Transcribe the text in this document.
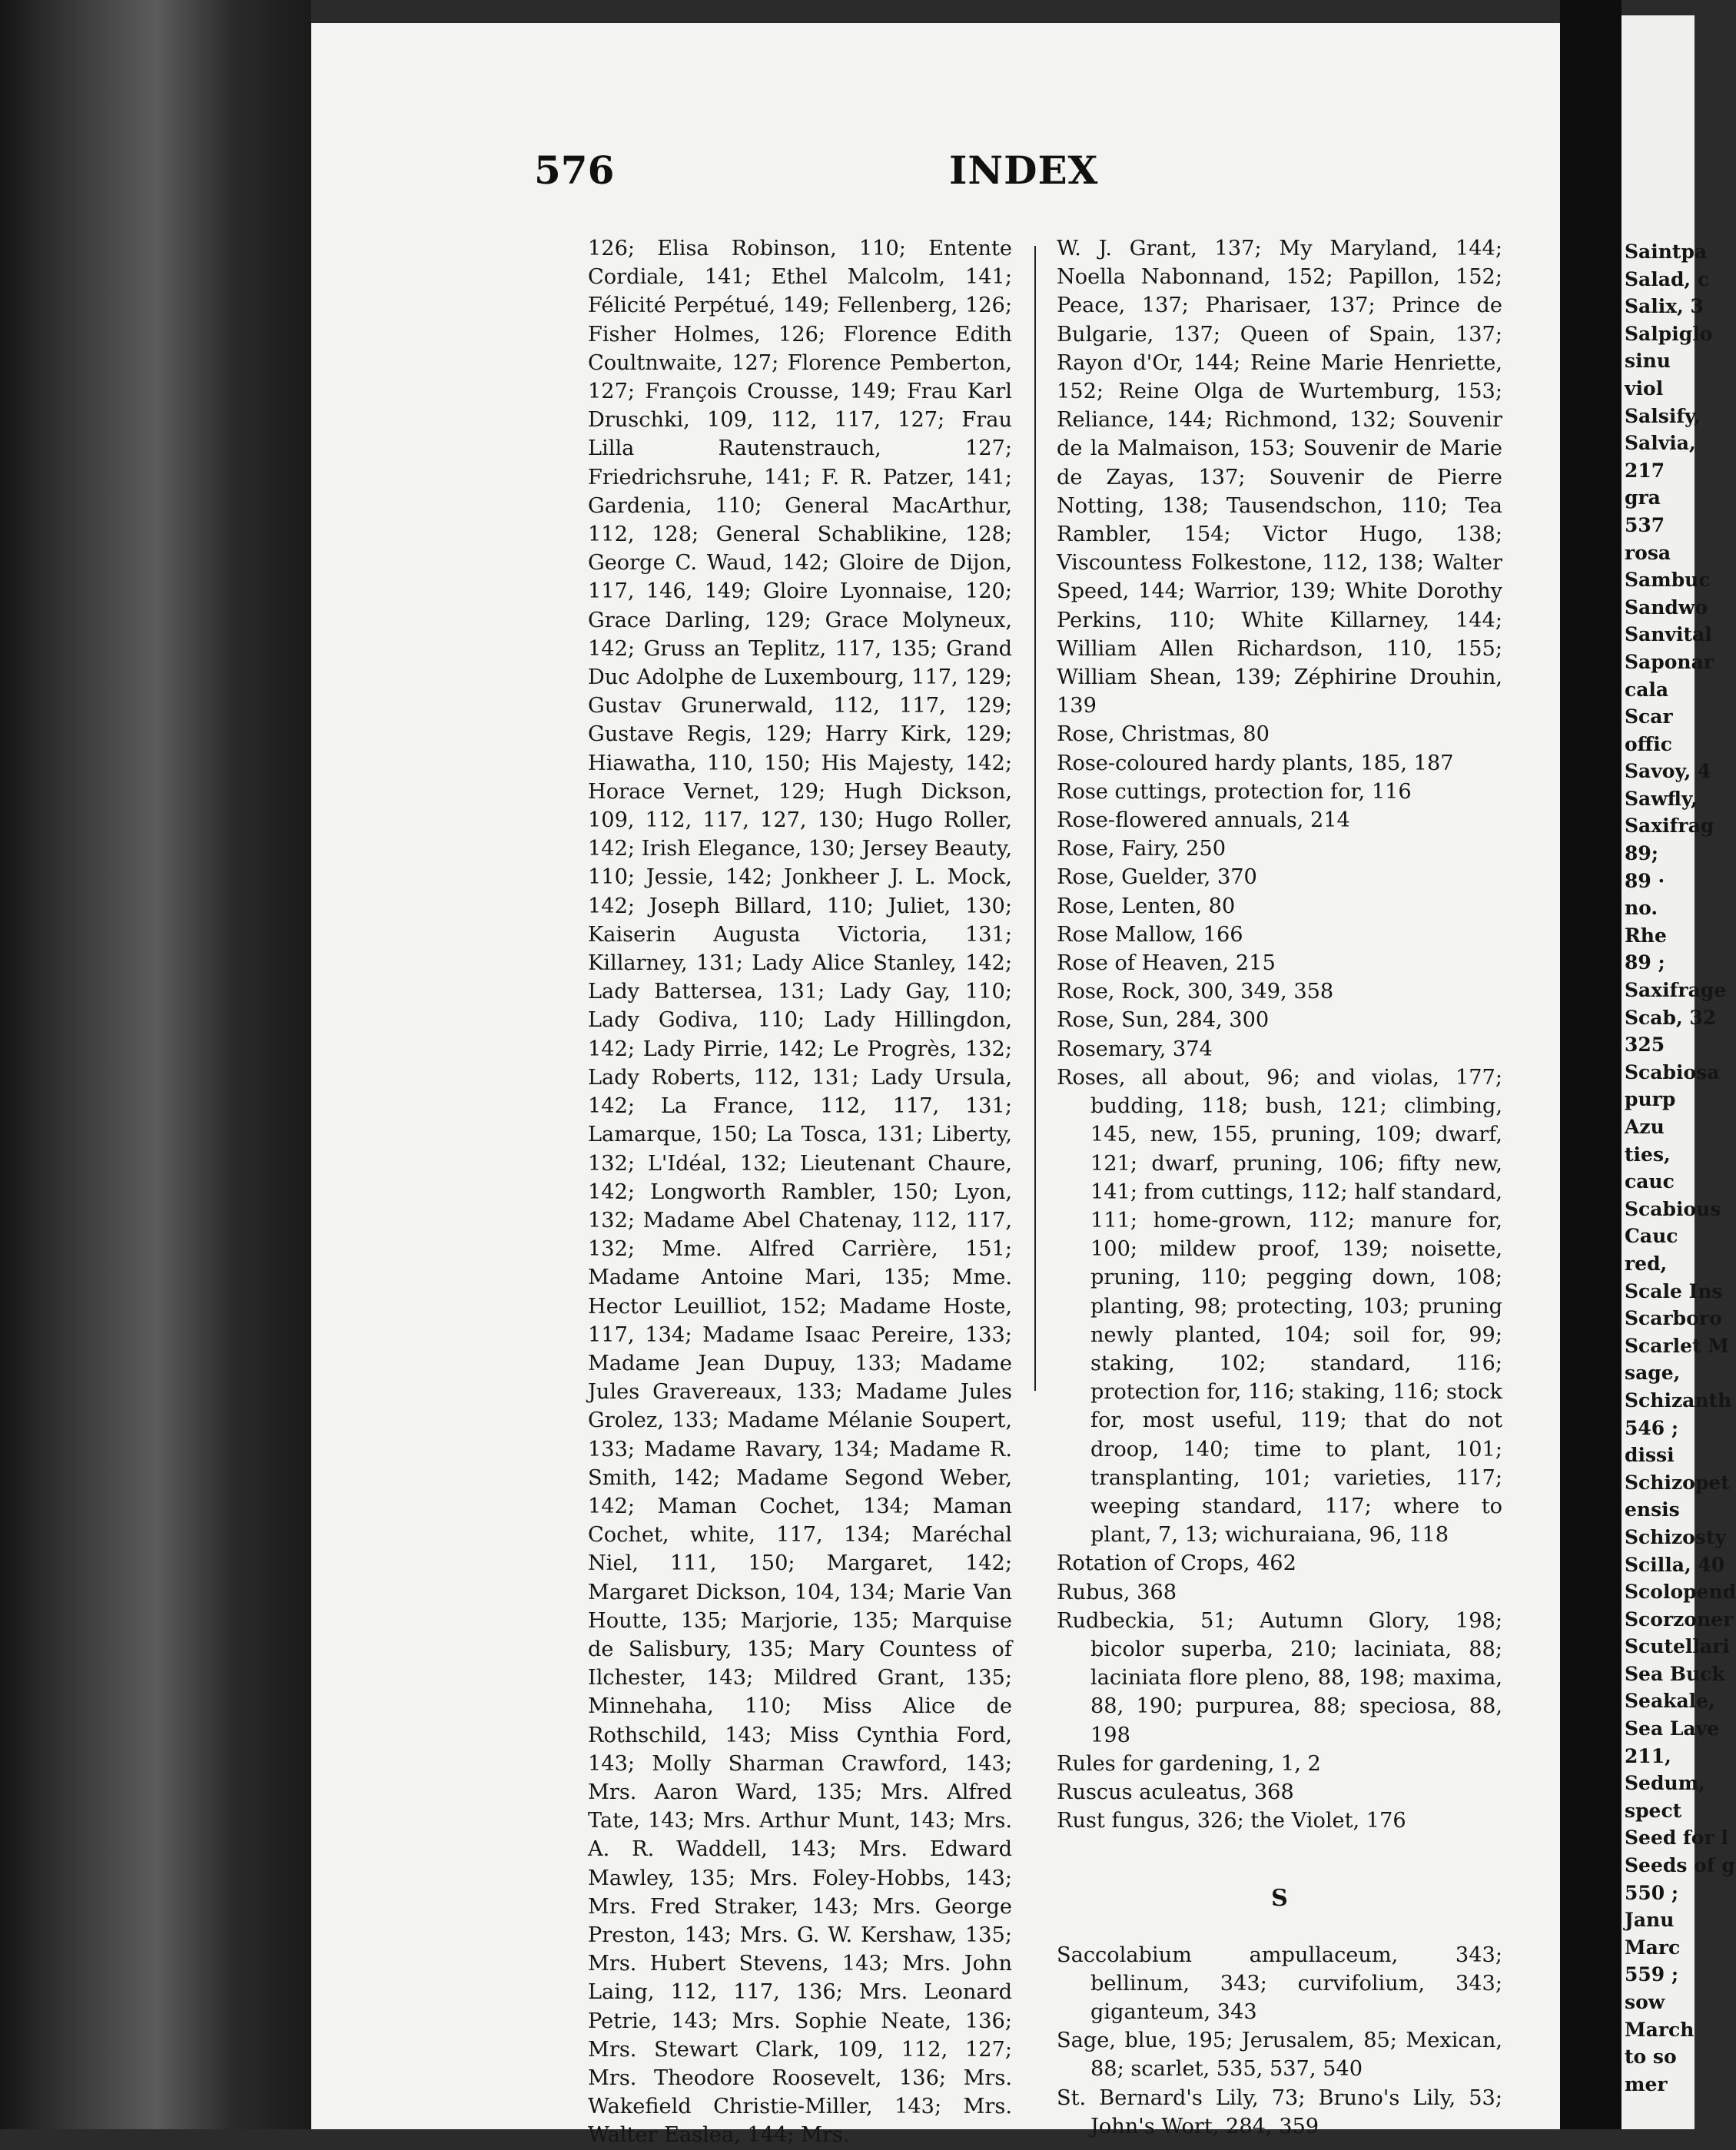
576	INDEX

126; Elisa Robinson, 110; Entente Cordiale, 141; Ethel Malcolm, 141; Félicité Perpétué, 149; Fellenberg, 126; Fisher Holmes, 126; Florence Edith Coultnwaite, 127; Florence Pemberton, 127; François Crousse, 149; Frau Karl Druschki, 109, 112, 117, 127; Frau Lilla Rautenstrauch, 127; Friedrichsruhe, 141; F. R. Patzer, 141; Gardenia, 110; General MacArthur, 112, 128; General Schablikine, 128; George C. Waud, 142; Gloire de Dijon, 117, 146, 149; Gloire Lyonnaise, 120; Grace Darling, 129; Grace Molyneux, 142; Gruss an Teplitz, 117, 135; Grand Duc Adolphe de Luxembourg, 117, 129; Gustav Grunerwald, 112, 117, 129; Gustave Regis, 129; Harry Kirk, 129; Hiawatha, 110, 150; His Majesty, 142; Horace Vernet, 129; Hugh Dickson, 109, 112, 117, 127, 130; Hugo Roller, 142; Irish Elegance, 130; Jersey Beauty, 110; Jessie, 142; Jonkheer J. L. Mock, 142; Joseph Billard, 110; Juliet, 130; Kaiserin Augusta Victoria, 131; Killarney, 131; Lady Alice Stanley, 142; Lady Battersea, 131; Lady Gay, 110; Lady Godiva, 110; Lady Hillingdon, 142; Lady Pirrie, 142; Le Progrès, 132; Lady Roberts, 112, 131; Lady Ursula, 142; La France, 112, 117, 131; Lamarque, 150; La Tosca, 131; Liberty, 132; L'Idéal, 132; Lieutenant Chaure, 142; Longworth Rambler, 150; Lyon, 132; Madame Abel Chatenay, 112, 117, 132; Mme. Alfred Carrière, 151; Madame Antoine Mari, 135; Mme. Hector Leuilliot, 152; Madame Hoste, 117, 134; Madame Isaac Pereire, 133; Madame Jean Dupuy, 133; Madame Jules Gravereaux, 133; Madame Jules Grolez, 133; Madame Mélanie Soupert, 133; Madame Ravary, 134; Madame R. Smith, 142; Madame Segond Weber, 142; Maman Cochet, 134; Maman Cochet, white, 117, 134; Maréchal Niel, 111, 150; Margaret, 142; Margaret Dickson, 104, 134; Marie Van Houtte, 135; Marjorie, 135; Marquise de Salisbury, 135; Mary Countess of Ilchester, 143; Mildred Grant, 135; Minnehaha, 110; Miss Alice de Rothschild, 143; Miss Cynthia Ford, 143; Molly Sharman Crawford, 143; Mrs. Aaron Ward, 135; Mrs. Alfred Tate, 143; Mrs. Arthur Munt, 143; Mrs. A. R. Waddell, 143; Mrs. Edward Mawley, 135; Mrs. Foley-Hobbs, 143; Mrs. Fred Straker, 143; Mrs. George Preston, 143; Mrs. G. W. Kershaw, 135; Mrs. Hubert Stevens, 143; Mrs. John Laing, 112, 117, 136; Mrs. Leonard Petrie, 143; Mrs. Sophie Neate, 136; Mrs. Stewart Clark, 109, 112, 127; Mrs. Theodore Roosevelt, 136; Mrs. Wakefield Christie-Miller, 143; Mrs. Walter Easlea, 144; Mrs.

W. J. Grant, 137; My Maryland, 144; Noella Nabonnand, 152; Papillon, 152; Peace, 137; Pharisaer, 137; Prince de Bulgarie, 137; Queen of Spain, 137; Rayon d'Or, 144; Reine Marie Henriette, 152; Reine Olga de Wurtemburg, 153; Reliance, 144; Richmond, 132; Souvenir de la Malmaison, 153; Souvenir de Marie de Zayas, 137; Souvenir de Pierre Notting, 138; Tausendschon, 110; Tea Rambler, 154; Victor Hugo, 138; Viscountess Folkestone, 112, 138; Walter Speed, 144; Warrior, 139; White Dorothy Perkins, 110; White Killarney, 144; William Allen Richardson, 110, 155; William Shean, 139; Zéphirine Drouhin, 139

Rose, Christmas, 80

Rose-coloured hardy plants, 185, 187

Rose cuttings, protection for, 116

Rose-flowered annuals, 214

Rose, Fairy, 250

Rose, Guelder, 370

Rose, Lenten, 80

Rose Mallow, 166

Rose of Heaven, 215

Rose, Rock, 300, 349, 358

Rose, Sun, 284, 300

Rosemary, 374

Roses, all about, 96; and violas, 177; budding, 118; bush, 121; climbing, 145, new, 155, pruning, 109; dwarf, 121; dwarf, pruning, 106; fifty new, 141; from cuttings, 112; half standard, 111; home-grown, 112; manure for, 100; mildew proof, 139; noisette, pruning, 110; pegging down, 108; planting, 98; protecting, 103; pruning newly planted, 104; soil for, 99; staking, 102; standard, 116; protection for, 116; staking, 116; stock for, most useful, 119; that do not droop, 140; time to plant, 101; transplanting, 101; varieties, 117; weeping standard, 117; where to plant, 7, 13; wichuraiana, 96, 118

Rotation of Crops, 462

Rubus, 368

Rudbeckia, 51; Autumn Glory, 198; bicolor superba, 210; laciniata, 88; laciniata flore pleno, 88, 198; maxima, 88, 190; purpurea, 88; speciosa, 88, 198

Rules for gardening, 1, 2

Ruscus aculeatus, 368

Rust fungus, 326; the Violet, 176

S

Saccolabium ampullaceum, 343; bellinum, 343; curvifolium, 343; giganteum, 343

Sage, blue, 195; Jerusalem, 85; Mexican, 88; scarlet, 535, 537, 540

St. Bernard's Lily, 73; Bruno's Lily, 53; John's Wort, 284, 359

Saintpa
Salad, c
Salix, 3
Salpiglo
sinu
viol
Salsify,
Salvia,
217
gra
537
rosa
Sambuc
Sandwo
Sanvital
Saponar
cala
Scar
offic
Savoy, 4
Sawfly,
Saxifrag
89;
89 ·
no.
Rhe
89 ;
Saxifrage
Scab, 32
325
Scabiosa
purp
Azu
ties,
cauc
Scabious
Cauc
red,
Scale Ins
Scarboro
Scarlet M
sage,
Schizanth
546 ;
dissi
Schizopet
ensis
Schizosty
Scilla, 40
Scolopend
Scorzoner
Scutellari
Sea Buck
Seakale,
Sea Lave
211,
Sedum,
spect
Seed for l
Seeds of g
550 ;
Janu
Marc
559 ;
sow
March
to so
mer
